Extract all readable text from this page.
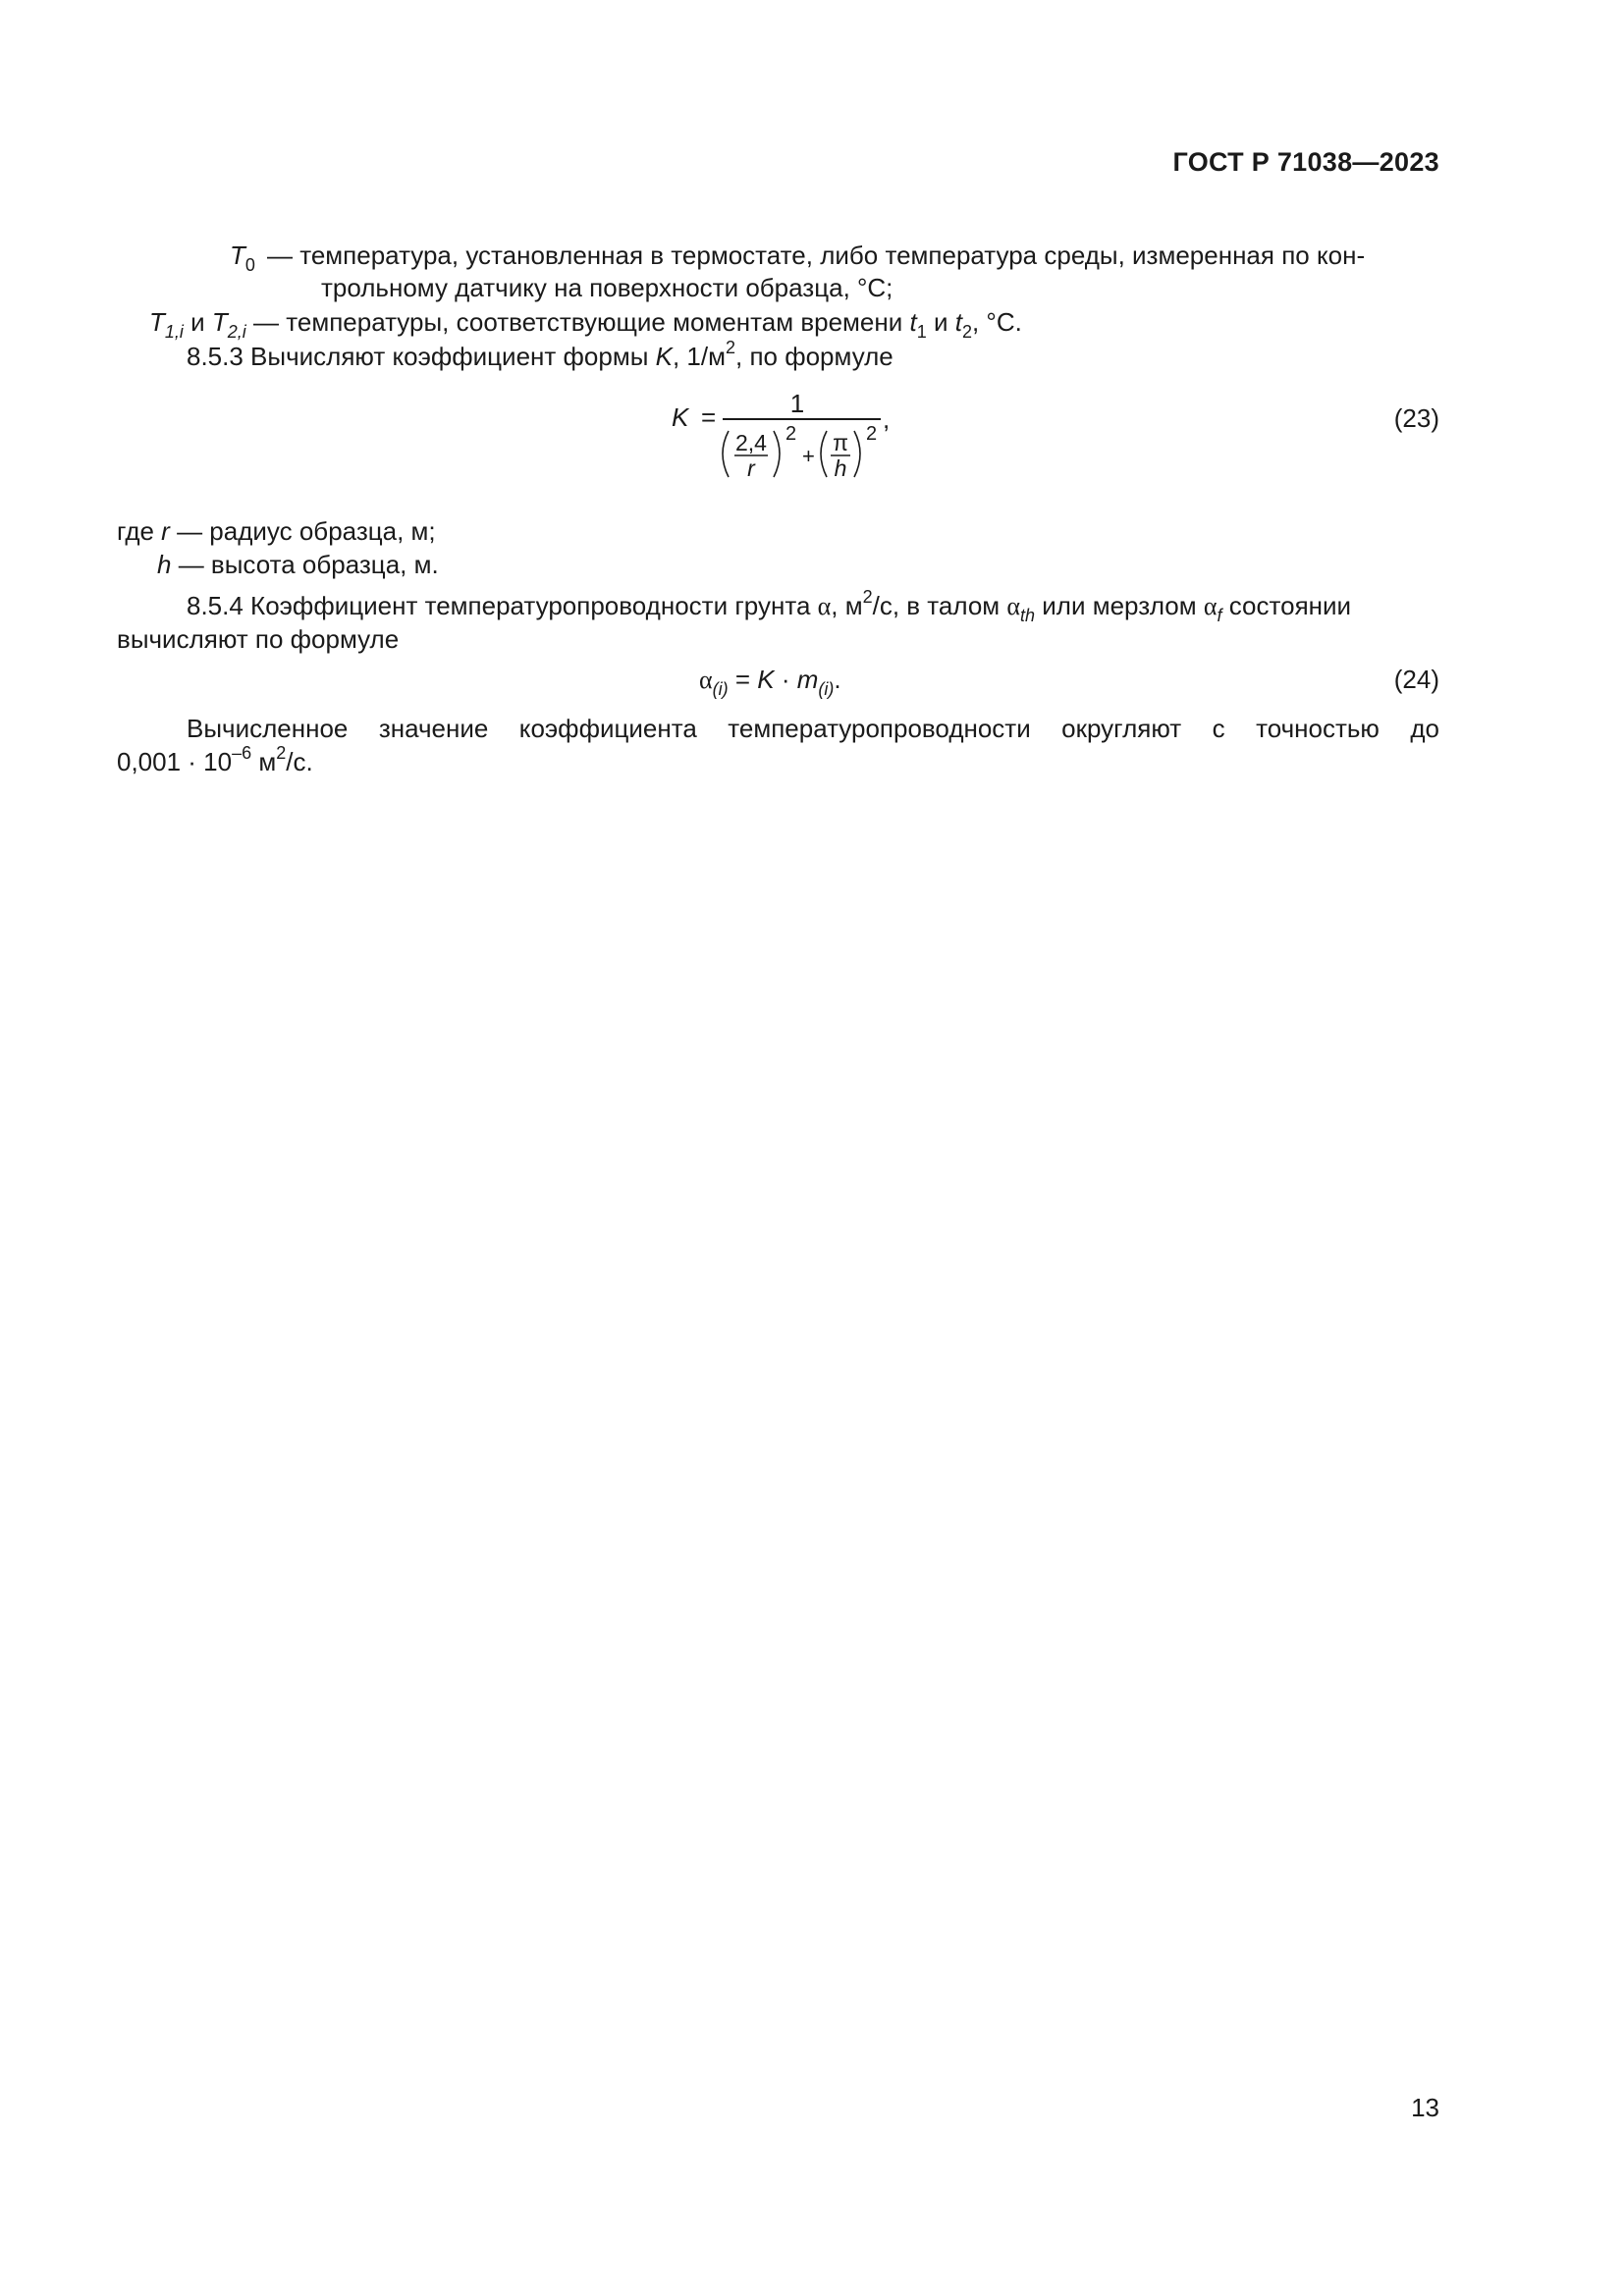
ГОСТ Р 71038—2023
$T_0$ — температура, установленная в термостате, либо температура среды, измеренная по кон-
трольному датчику на поверхности образца, °С;
$T_{1,i}$ и $T_{2,i}$ — температуры, соответствующие моментам времени $t_1$ и $t_2$, °С.
8.5.3 Вычисляют коэффициент формы K, $1/м^2$, по формуле
K =	1
,
2,4
r
2
+
π
h
2
(23)
где r — радиус образца, м;
h — высота образца, м.
8.5.4 Коэффициент температуропроводности грунта α, $м^2/с$, в талом $\alpha_{th}$ или мерзлом $\alpha_f$ состоянии
вычисляют по формуле
$\alpha_{(i)} = K \cdot m_{(i)}$.	(24)
Вычисленное значение коэффициента температуропроводности округляют с точностью до
$0,001 \cdot 10^{-6}$ $м^2/с$.
13
